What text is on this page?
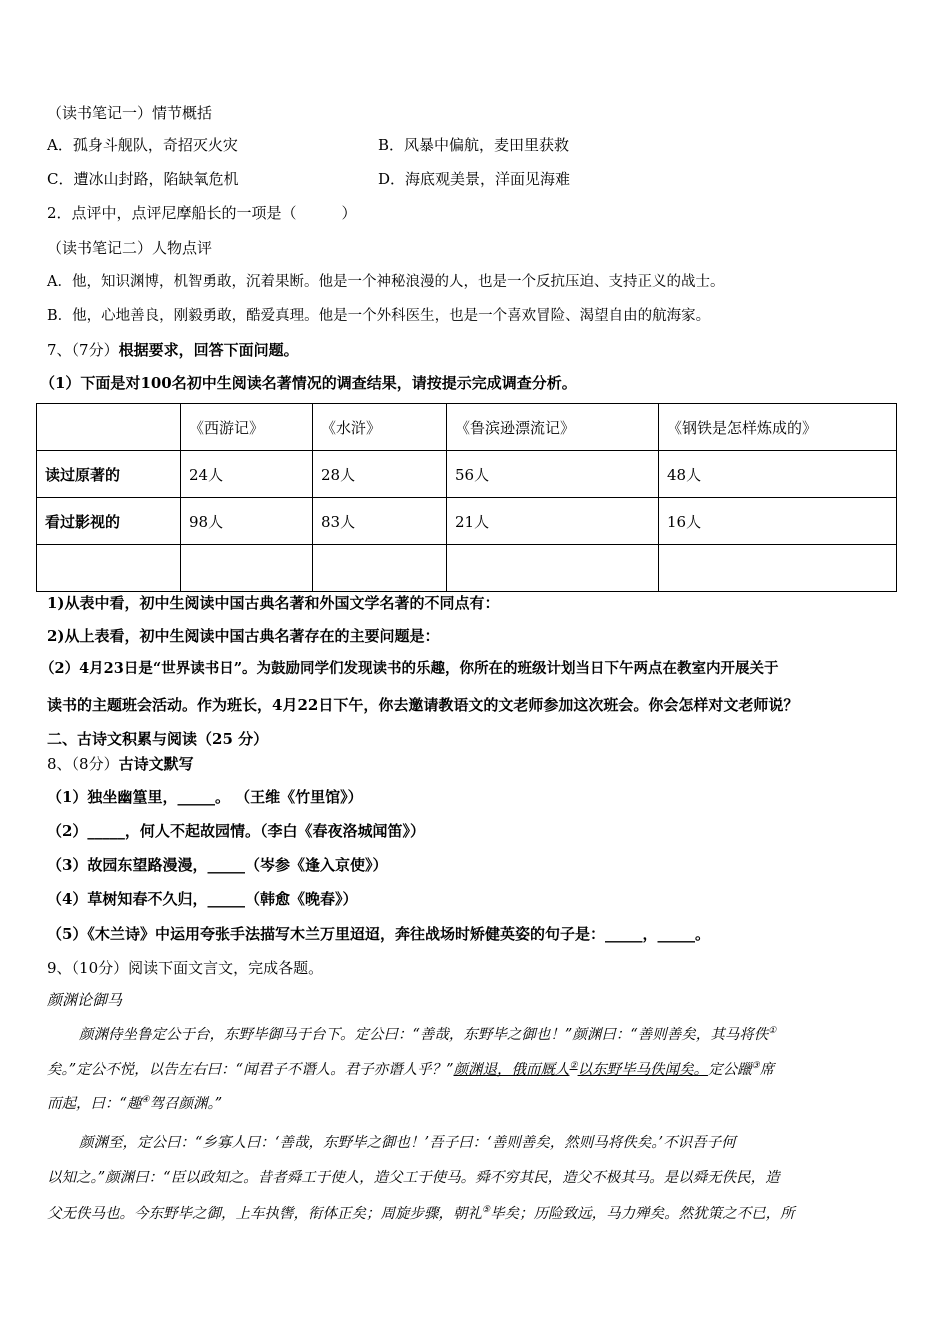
（读书笔记一）情节概括
A．孤身斗舰队，奇招灭火灾	B．风暴中偏航，麦田里获救
C．遭冰山封路，陷缺氧危机	D．海底观美景，洋面见海难
2．点评中，点评尼摩船长的一项是（　　　）
（读书笔记二）人物点评
A．他，知识渊博，机智勇敢，沉着果断。他是一个神秘浪漫的人，也是一个反抗压迫、支持正义的战士。
B．他，心地善良，刚毅勇敢，酷爱真理。他是一个外科医生，也是一个喜欢冒险、渴望自由的航海家。
7、（7分）根据要求，回答下面问题。
（1）下面是对100名初中生阅读名著情况的调查结果，请按提示完成调查分析。
	《西游记》	《水浒》	《鲁滨逊漂流记》	《钢铁是怎样炼成的》
读过原著的	24人	28人	56人	48人
看过影视的	98人	83人	21人	16人

1)从表中看，初中生阅读中国古典名著和外国文学名著的不同点有：
2)从上表看，初中生阅读中国古典名著存在的主要问题是：
（2）4月23日是“世界读书日”。为鼓励同学们发现读书的乐趣，你所在的班级计划当日下午两点在教室内开展关于
读书的主题班会活动。作为班长，4月22日下午，你去邀请教语文的文老师参加这次班会。你会怎样对文老师说？
二、古诗文积累与阅读（25 分）
8、（8分）古诗文默写
（1）独坐幽篁里，_____。 （王维《竹里馆》）
（2）_____，何人不起故园情。（李白《春夜洛城闻笛》）
（3）故园东望路漫漫，_____（岑参《逢入京使》）
（4）草树知春不久归，_____（韩愈《晚春》）
（5）《木兰诗》中运用夸张手法描写木兰万里迢迢，奔往战场时矫健英姿的句子是：_____，_____。
9、（10分）阅读下面文言文，完成各题。
颜渊论御马
颜渊侍坐鲁定公于台，东野毕御马于台下。定公曰：“善哉，东野毕之御也！”颜渊曰：“善则善矣，其马将佚①
矣。”定公不悦，以告左右曰：“闻君子不谮人。君子亦谮人乎？”颜渊退，俄而厩人②以东野毕马佚闻矣。定公躐③席
而起，曰：“趣④驾召颜渊。”
颜渊至，定公曰：“乡寡人曰：‘善哉，东野毕之御也！’吾子曰：‘善则善矣，然则马将佚矣。’不识吾子何
以知之。”颜渊曰：“臣以政知之。昔者舜工于使人，造父工于使马。舜不穷其民，造父不极其马。是以舜无佚民，造
父无佚马也。今东野毕之御，上车执辔，衔体正矣；周旋步骤，朝礼⑤毕矣；历险致远，马力殚矣。然犹策之不已，所
